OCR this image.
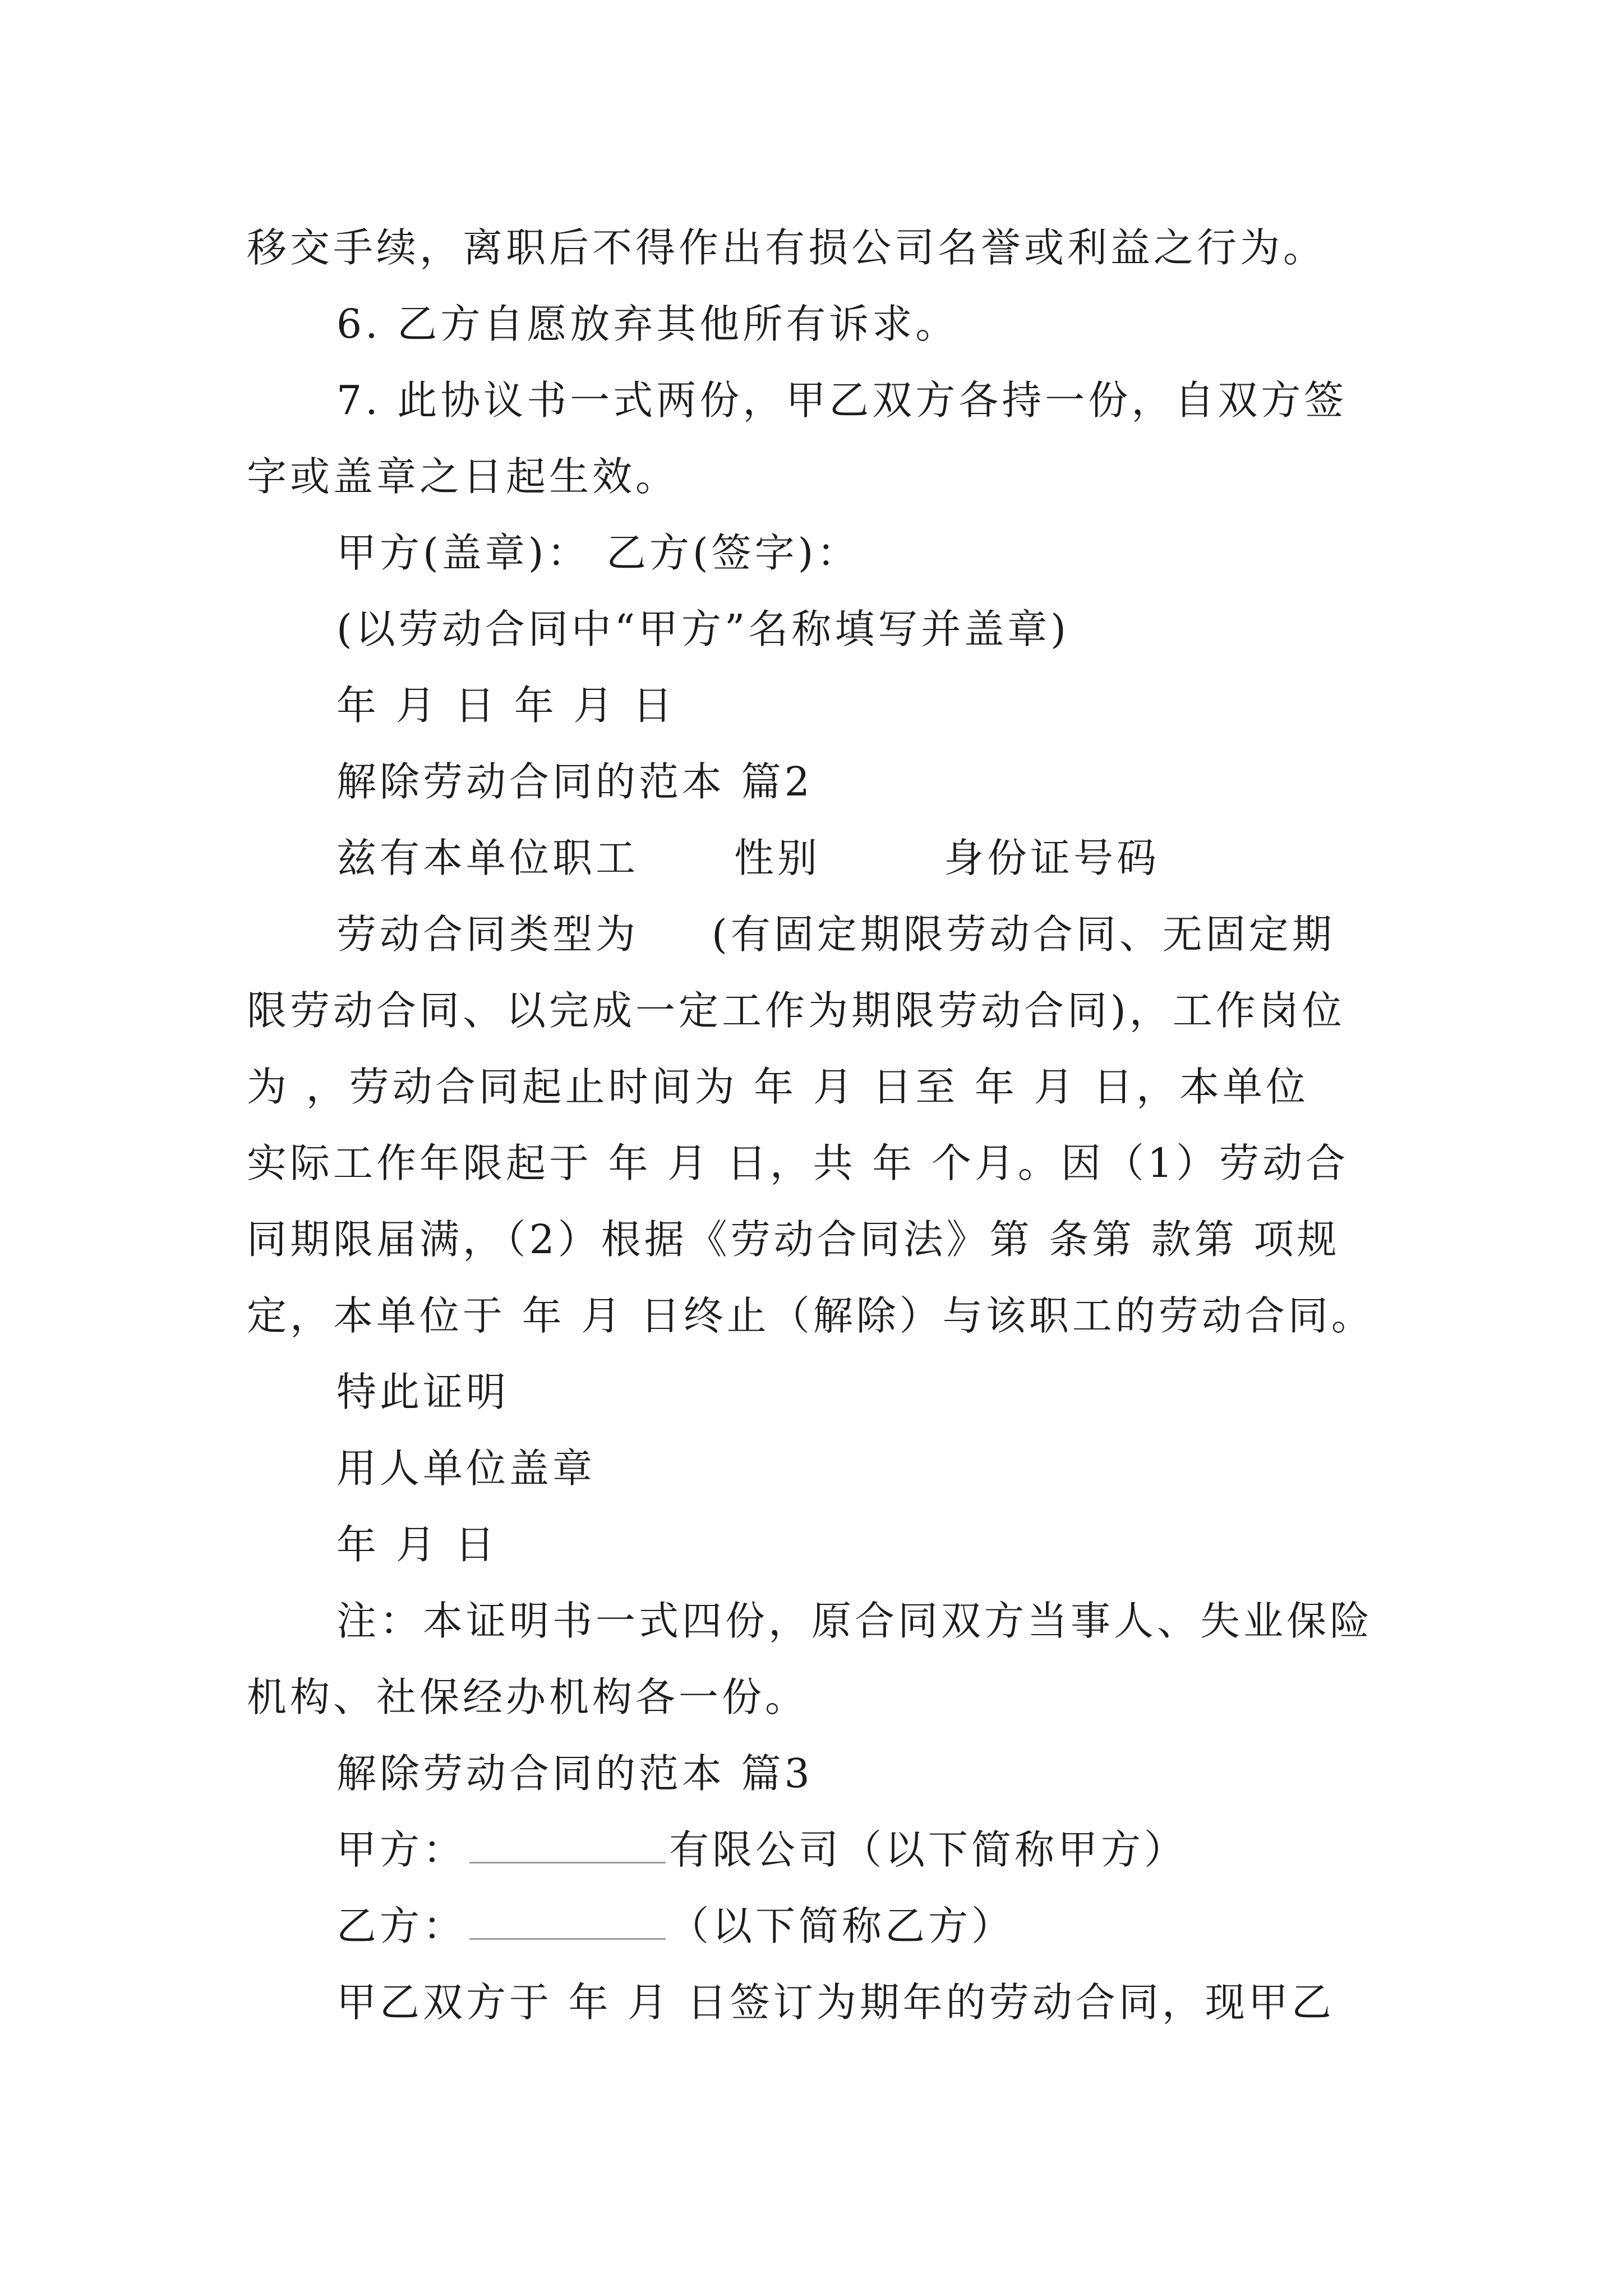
移交手续，离职后不得作出有损公司名誉或利益之行为。
6. 乙方自愿放弃其他所有诉求。
7. 此协议书一式两份，甲乙双方各持一份，自双方签
字或盖章之日起生效。
甲方(盖章)： 乙方(签字)：
(以劳动合同中“甲方”名称填写并盖章)
年 月 日 年 月 日
解除劳动合同的范本 篇2
兹有本单位职工 性别	身份证号码
劳动合同类型为 (有固定期限劳动合同、无固定期
限劳动合同、以完成一定工作为期限劳动合同)，工作岗位
为 ，劳动合同起止时间为 年 月 日至 年 月 日，本单位
实际工作年限起于 年 月 日，共 年 个月。因（1）劳动合
同期限届满，（2）根据《劳动合同法》第 条第 款第 项规
定，本单位于 年 月 日终止（解除）与该职工的劳动合同。
特此证明
用人单位盖章
年 月 日
注：本证明书一式四份，原合同双方当事人、失业保险
机构、社保经办机构各一份。
解除劳动合同的范本 篇3
甲方：	有限公司（以下简称甲方）
乙方：	（以下简称乙方）
甲乙双方于 年 月 日签订为期年的劳动合同，现甲乙
